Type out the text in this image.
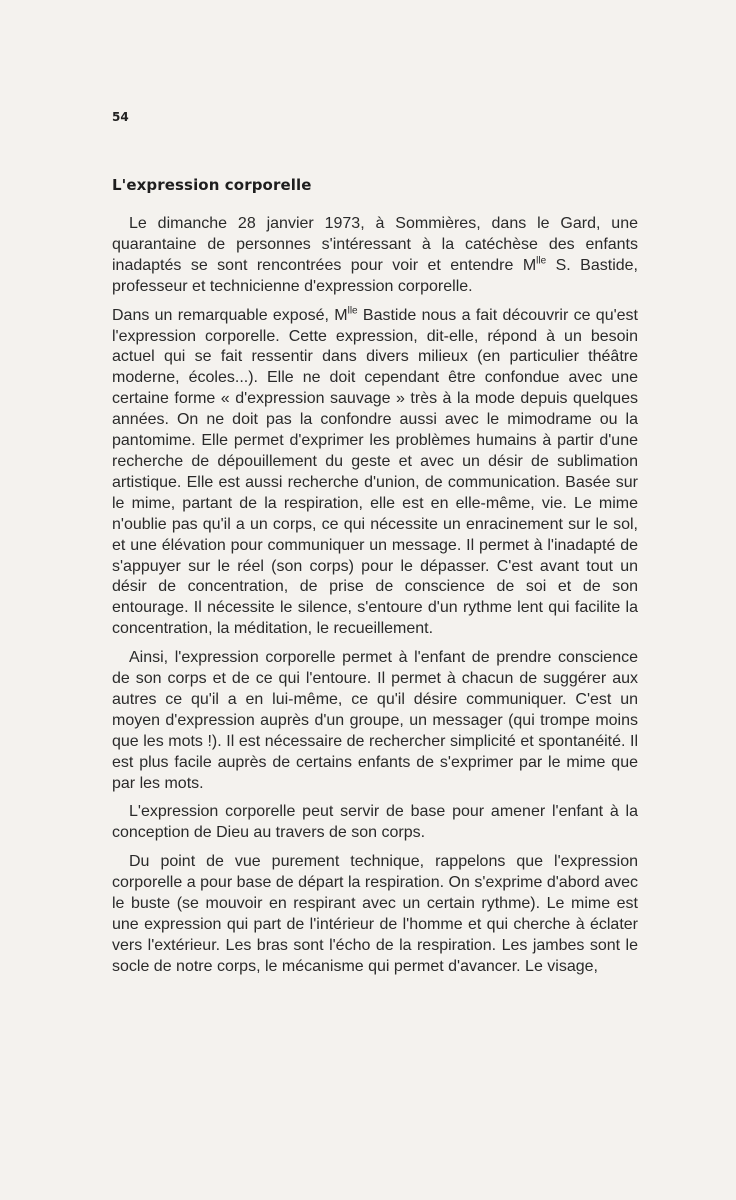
54
L'expression corporelle

Le dimanche 28 janvier 1973, à Sommières, dans le Gard, une quarantaine de personnes s'intéressant à la catéchèse des enfants inadaptés se sont rencontrées pour voir et entendre $M^{lle}$ S. Bastide, professeur et technicienne d'expression corporelle.

Dans un remarquable exposé, $M^{lle}$ Bastide nous a fait découvrir ce qu'est l'expression corporelle. Cette expression, dit-elle, répond à un besoin actuel qui se fait ressentir dans divers milieux (en particulier théâtre moderne, écoles...). Elle ne doit cependant être confondue avec une certaine forme « d'expression sauvage » très à la mode depuis quelques années. On ne doit pas la confondre aussi avec le mimodrame ou la pantomime. Elle permet d'exprimer les problèmes humains à partir d'une recherche de dépouillement du geste et avec un désir de sublimation artistique. Elle est aussi recherche d'union, de communication. Basée sur le mime, partant de la respiration, elle est en elle-même, vie. Le mime n'oublie pas qu'il a un corps, ce qui nécessite un enracinement sur le sol, et une élévation pour communiquer un message. Il permet à l'inadapté de s'appuyer sur le réel (son corps) pour le dépasser. C'est avant tout un désir de concentration, de prise de conscience de soi et de son entourage. Il nécessite le silence, s'entoure d'un rythme lent qui facilite la concentration, la méditation, le recueillement.

Ainsi, l'expression corporelle permet à l'enfant de prendre conscience de son corps et de ce qui l'entoure. Il permet à chacun de suggérer aux autres ce qu'il a en lui-même, ce qu'il désire communiquer. C'est un moyen d'expression auprès d'un groupe, un messager (qui trompe moins que les mots !). Il est nécessaire de rechercher simplicité et spontanéité. Il est plus facile auprès de certains enfants de s'exprimer par le mime que par les mots.

L'expression corporelle peut servir de base pour amener l'enfant à la conception de Dieu au travers de son corps.

Du point de vue purement technique, rappelons que l'expression corporelle a pour base de départ la respiration. On s'exprime d'abord avec le buste (se mouvoir en respirant avec un certain rythme). Le mime est une expression qui part de l'intérieur de l'homme et qui cherche à éclater vers l'extérieur. Les bras sont l'écho de la respiration. Les jambes sont le socle de notre corps, le mécanisme qui permet d'avancer. Le visage,
